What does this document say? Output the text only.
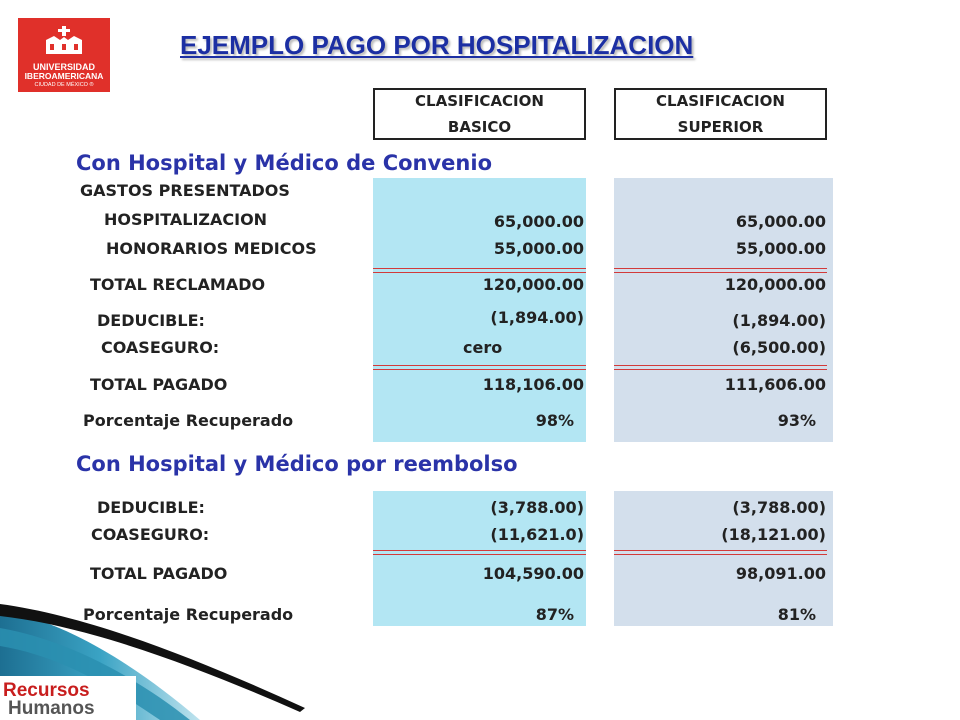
UNIVERSIDAD
IBEROAMERICANA
CIUDAD DE MÉXICO ®
EJEMPLO PAGO POR HOSPITALIZACION
CLASIFICACION
BASICO
CLASIFICACION
SUPERIOR
Con Hospital y Médico de Convenio
GASTOS PRESENTADOS
HOSPITALIZACION	65,000.00	65,000.00
HONORARIOS MEDICOS	55,000.00	55,000.00
TOTAL RECLAMADO	120,000.00	120,000.00
DEDUCIBLE:	(1,894.00)	(1,894.00)
COASEGURO:	cero	(6,500.00)
TOTAL PAGADO	118,106.00	111,606.00
Porcentaje Recuperado	98%	93%
Con Hospital y Médico por reembolso
DEDUCIBLE:	(3,788.00)	(3,788.00)
COASEGURO:	(11,621.0)	(18,121.00)
TOTAL PAGADO	104,590.00	98,091.00
Porcentaje Recuperado	87%	81%
Recursos
Humanos
